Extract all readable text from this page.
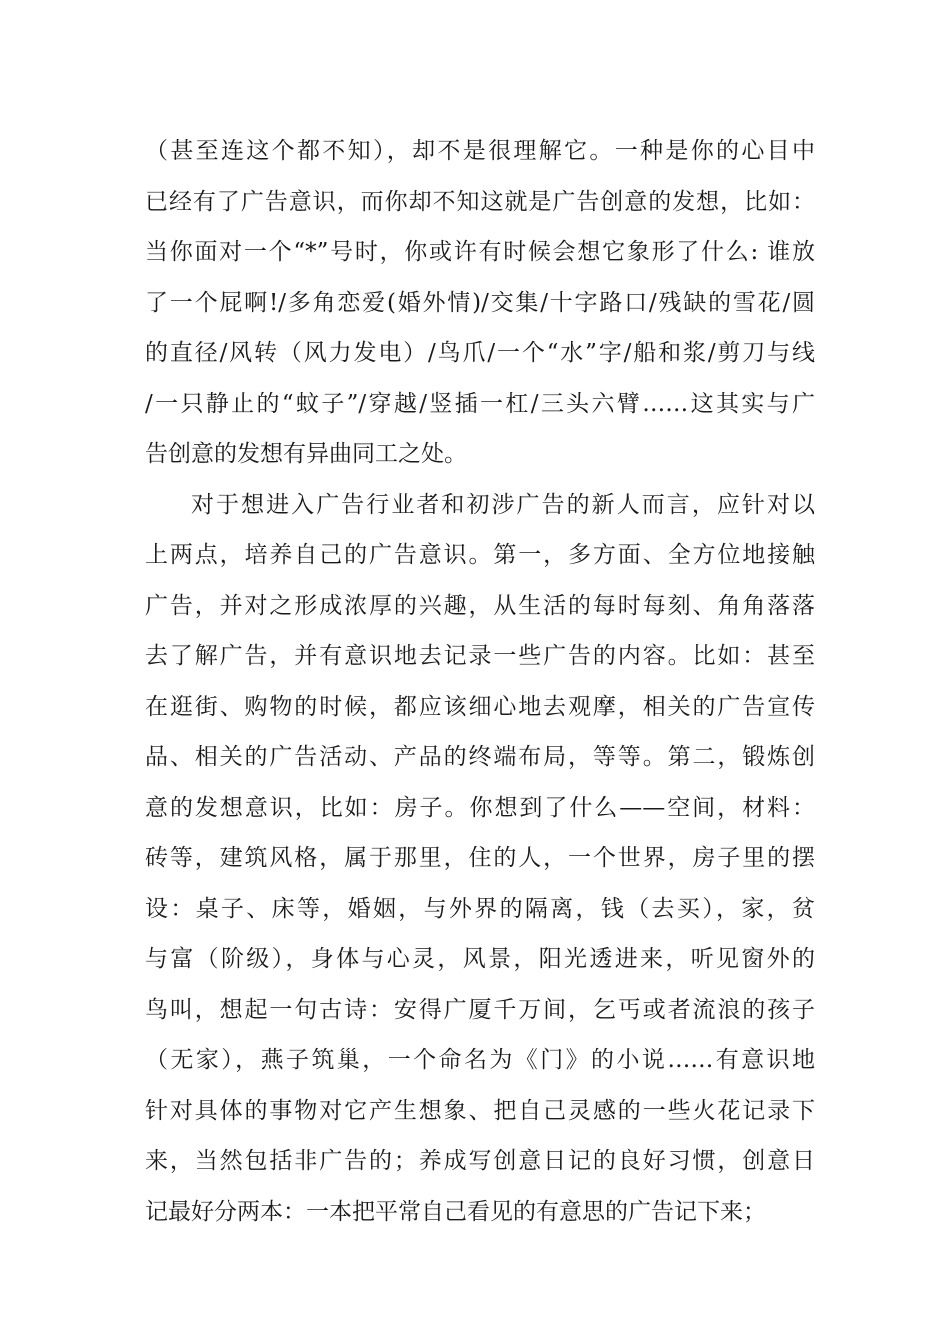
（甚至连这个都不知），却不是很理解它。一种是你的心目中
已经有了广告意识，而你却不知这就是广告创意的发想，比如：
当你面对一个“*”号时，你或许有时候会想它象形了什么: 谁放
了一个屁啊!/多角恋爱(婚外情)/交集/十字路口/残缺的雪花/圆
的直径/风转（风力发电）/鸟爪/一个“水”字/船和浆/剪刀与线
/一只静止的“蚊子”/穿越/竖插一杠/三头六臂……这其实与广
告创意的发想有异曲同工之处。
对于想进入广告行业者和初涉广告的新人而言，应针对以
上两点，培养自己的广告意识。第一，多方面、全方位地接触
广告，并对之形成浓厚的兴趣，从生活的每时每刻、角角落落
去了解广告，并有意识地去记录一些广告的内容。比如：甚至
在逛街、购物的时候，都应该细心地去观摩，相关的广告宣传
品、相关的广告活动、产品的终端布局，等等。第二，锻炼创
意的发想意识，比如：房子。你想到了什么——空间，材料：
砖等，建筑风格，属于那里，住的人，一个世界，房子里的摆
设：桌子、床等，婚姻，与外界的隔离，钱（去买），家，贫
与富（阶级），身体与心灵，风景，阳光透进来，听见窗外的
鸟叫，想起一句古诗：安得广厦千万间，乞丐或者流浪的孩子
（无家），燕子筑巢，一个命名为《门》的小说……有意识地
针对具体的事物对它产生想象、把自己灵感的一些火花记录下
来，当然包括非广告的；养成写创意日记的良好习惯，创意日
记最好分两本：一本把平常自己看见的有意思的广告记下来；
